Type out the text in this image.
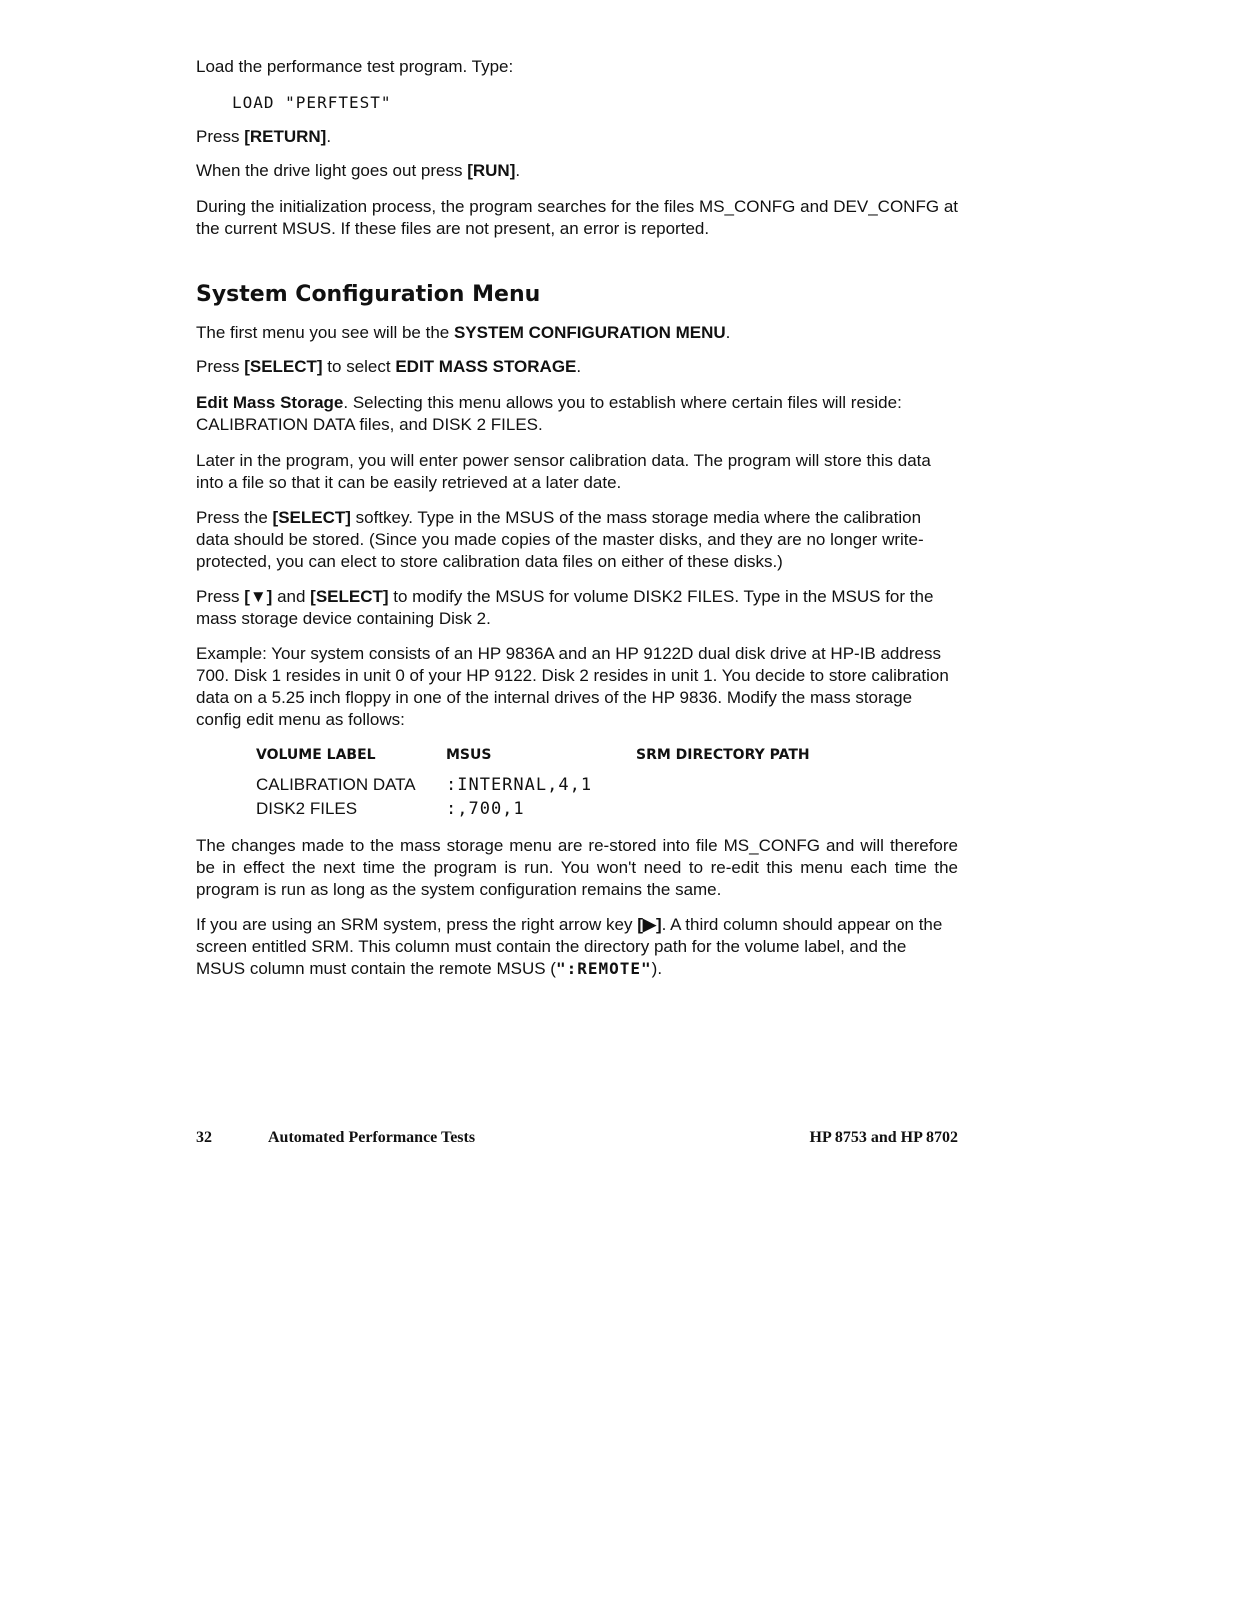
Load the performance test program. Type:

LOAD "PERFTEST"

Press [RETURN].

When the drive light goes out press [RUN].

During the initialization process, the program searches for the files MS_CONFG and DEV_CONFG at the current MSUS. If these files are not present, an error is reported.

System Configuration Menu

The first menu you see will be the SYSTEM CONFIGURATION MENU.

Press [SELECT] to select EDIT MASS STORAGE.

Edit Mass Storage. Selecting this menu allows you to establish where certain files will reside: CALIBRATION DATA files, and DISK 2 FILES.

Later in the program, you will enter power sensor calibration data. The program will store this data into a file so that it can be easily retrieved at a later date.

Press the [SELECT] softkey. Type in the MSUS of the mass storage media where the calibration data should be stored. (Since you made copies of the master disks, and they are no longer write-protected, you can elect to store calibration data files on either of these disks.)

Press [▼] and [SELECT] to modify the MSUS for volume DISK2 FILES. Type in the MSUS for the mass storage device containing Disk 2.

Example: Your system consists of an HP 9836A and an HP 9122D dual disk drive at HP-IB address 700. Disk 1 resides in unit 0 of your HP 9122. Disk 2 resides in unit 1. You decide to store calibration data on a 5.25 inch floppy in one of the internal drives of the HP 9836. Modify the mass storage config edit menu as follows:

VOLUME LABEL	MSUS	SRM DIRECTORY PATH
CALIBRATION DATA	:INTERNAL,4,1	
DISK2 FILES	:,700,1	

The changes made to the mass storage menu are re-stored into file MS_CONFG and will therefore be in effect the next time the program is run. You won't need to re-edit this menu each time the program is run as long as the system configuration remains the same.

If you are using an SRM system, press the right arrow key [▶]. A third column should appear on the screen entitled SRM. This column must contain the directory path for the volume label, and the MSUS column must contain the remote MSUS (":REMOTE").

32	Automated Performance Tests	HP 8753 and HP 8702
